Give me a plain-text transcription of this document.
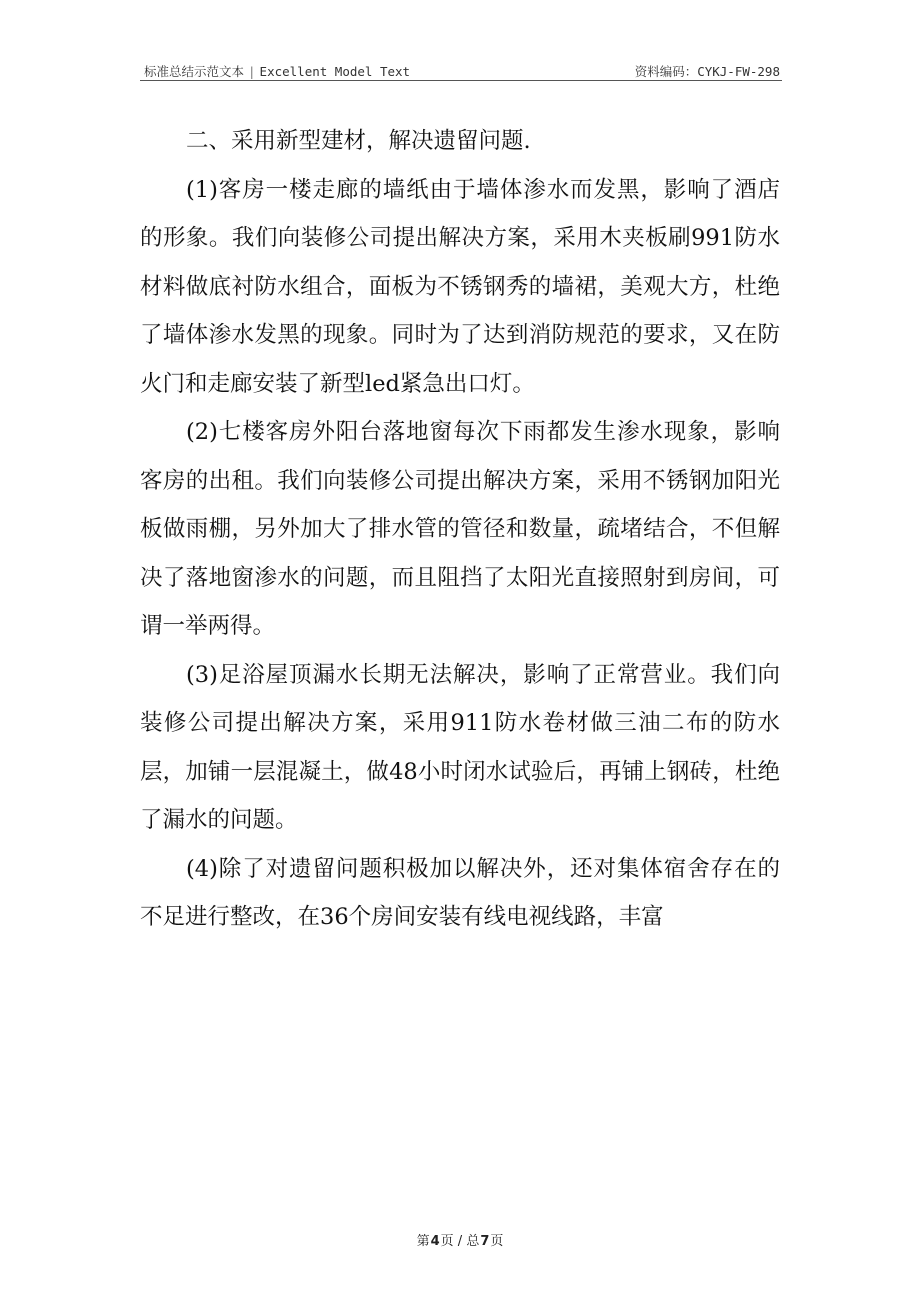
标准总结示范文本 | Excellent Model Text	资料编码：CYKJ-FW-298

二、采用新型建材，解决遗留问题.

(1)客房一楼走廊的墙纸由于墙体渗水而发黑，影响了酒店的形象。我们向装修公司提出解决方案，采用木夹板刷991防水材料做底衬防水组合，面板为不锈钢秀的墙裙，美观大方，杜绝了墙体渗水发黑的现象。同时为了达到消防规范的要求，又在防火门和走廊安装了新型led紧急出口灯。

(2)七楼客房外阳台落地窗每次下雨都发生渗水现象，影响客房的出租。我们向装修公司提出解决方案，采用不锈钢加阳光板做雨棚，另外加大了排水管的管径和数量，疏堵结合，不但解决了落地窗渗水的问题，而且阻挡了太阳光直接照射到房间，可谓一举两得。

(3)足浴屋顶漏水长期无法解决，影响了正常营业。我们向装修公司提出解决方案，采用911防水卷材做三油二布的防水层，加铺一层混凝土，做48小时闭水试验后，再铺上钢砖，杜绝了漏水的问题。

(4)除了对遗留问题积极加以解决外，还对集体宿舍存在的不足进行整改，在36个房间安装有线电视线路，丰富

第4页 / 总7页
